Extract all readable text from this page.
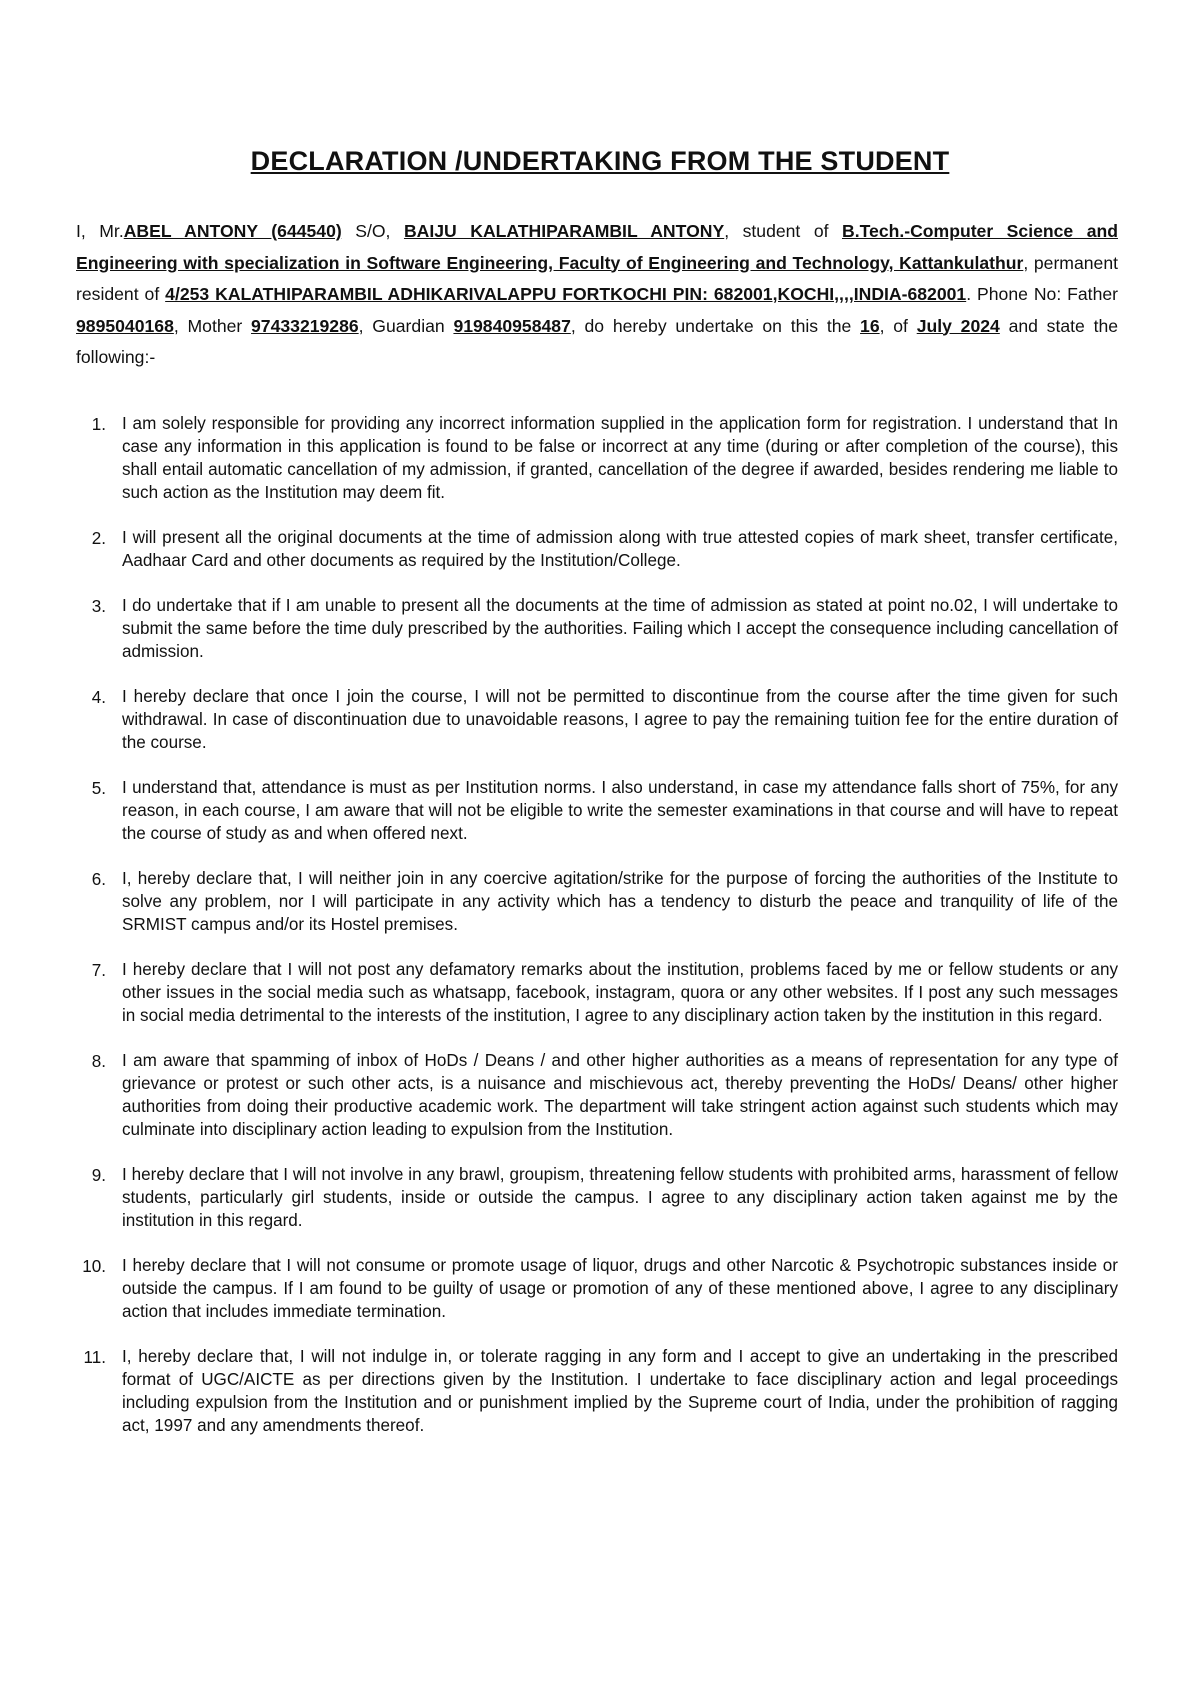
DECLARATION /UNDERTAKING FROM THE STUDENT
I, Mr.ABEL ANTONY (644540) S/O, BAIJU KALATHIPARAMBIL ANTONY, student of B.Tech.-Computer Science and Engineering with specialization in Software Engineering, Faculty of Engineering and Technology, Kattankulathur, permanent resident of 4/253 KALATHIPARAMBIL ADHIKARIVALAPPU FORTKOCHI PIN: 682001,KOCHI,,,,INDIA-682001. Phone No: Father 9895040168, Mother 97433219286, Guardian 919840958487, do hereby undertake on this the 16, of July 2024 and state the following:-
1. I am solely responsible for providing any incorrect information supplied in the application form for registration. I understand that In case any information in this application is found to be false or incorrect at any time (during or after completion of the course), this shall entail automatic cancellation of my admission, if granted, cancellation of the degree if awarded, besides rendering me liable to such action as the Institution may deem fit.
2. I will present all the original documents at the time of admission along with true attested copies of mark sheet, transfer certificate, Aadhaar Card and other documents as required by the Institution/College.
3. I do undertake that if I am unable to present all the documents at the time of admission as stated at point no.02, I will undertake to submit the same before the time duly prescribed by the authorities. Failing which I accept the consequence including cancellation of admission.
4. I hereby declare that once I join the course, I will not be permitted to discontinue from the course after the time given for such withdrawal. In case of discontinuation due to unavoidable reasons, I agree to pay the remaining tuition fee for the entire duration of the course.
5. I understand that, attendance is must as per Institution norms. I also understand, in case my attendance falls short of 75%, for any reason, in each course, I am aware that will not be eligible to write the semester examinations in that course and will have to repeat the course of study as and when offered next.
6. I, hereby declare that, I will neither join in any coercive agitation/strike for the purpose of forcing the authorities of the Institute to solve any problem, nor I will participate in any activity which has a tendency to disturb the peace and tranquility of life of the SRMIST campus and/or its Hostel premises.
7. I hereby declare that I will not post any defamatory remarks about the institution, problems faced by me or fellow students or any other issues in the social media such as whatsapp, facebook, instagram, quora or any other websites. If I post any such messages in social media detrimental to the interests of the institution, I agree to any disciplinary action taken by the institution in this regard.
8. I am aware that spamming of inbox of HoDs / Deans / and other higher authorities as a means of representation for any type of grievance or protest or such other acts, is a nuisance and mischievous act, thereby preventing the HoDs/ Deans/ other higher authorities from doing their productive academic work. The department will take stringent action against such students which may culminate into disciplinary action leading to expulsion from the Institution.
9. I hereby declare that I will not involve in any brawl, groupism, threatening fellow students with prohibited arms, harassment of fellow students, particularly girl students, inside or outside the campus. I agree to any disciplinary action taken against me by the institution in this regard.
10. I hereby declare that I will not consume or promote usage of liquor, drugs and other Narcotic & Psychotropic substances inside or outside the campus. If I am found to be guilty of usage or promotion of any of these mentioned above, I agree to any disciplinary action that includes immediate termination.
11. I, hereby declare that, I will not indulge in, or tolerate ragging in any form and I accept to give an undertaking in the prescribed format of UGC/AICTE as per directions given by the Institution. I undertake to face disciplinary action and legal proceedings including expulsion from the Institution and or punishment implied by the Supreme court of India, under the prohibition of ragging act, 1997 and any amendments thereof.
